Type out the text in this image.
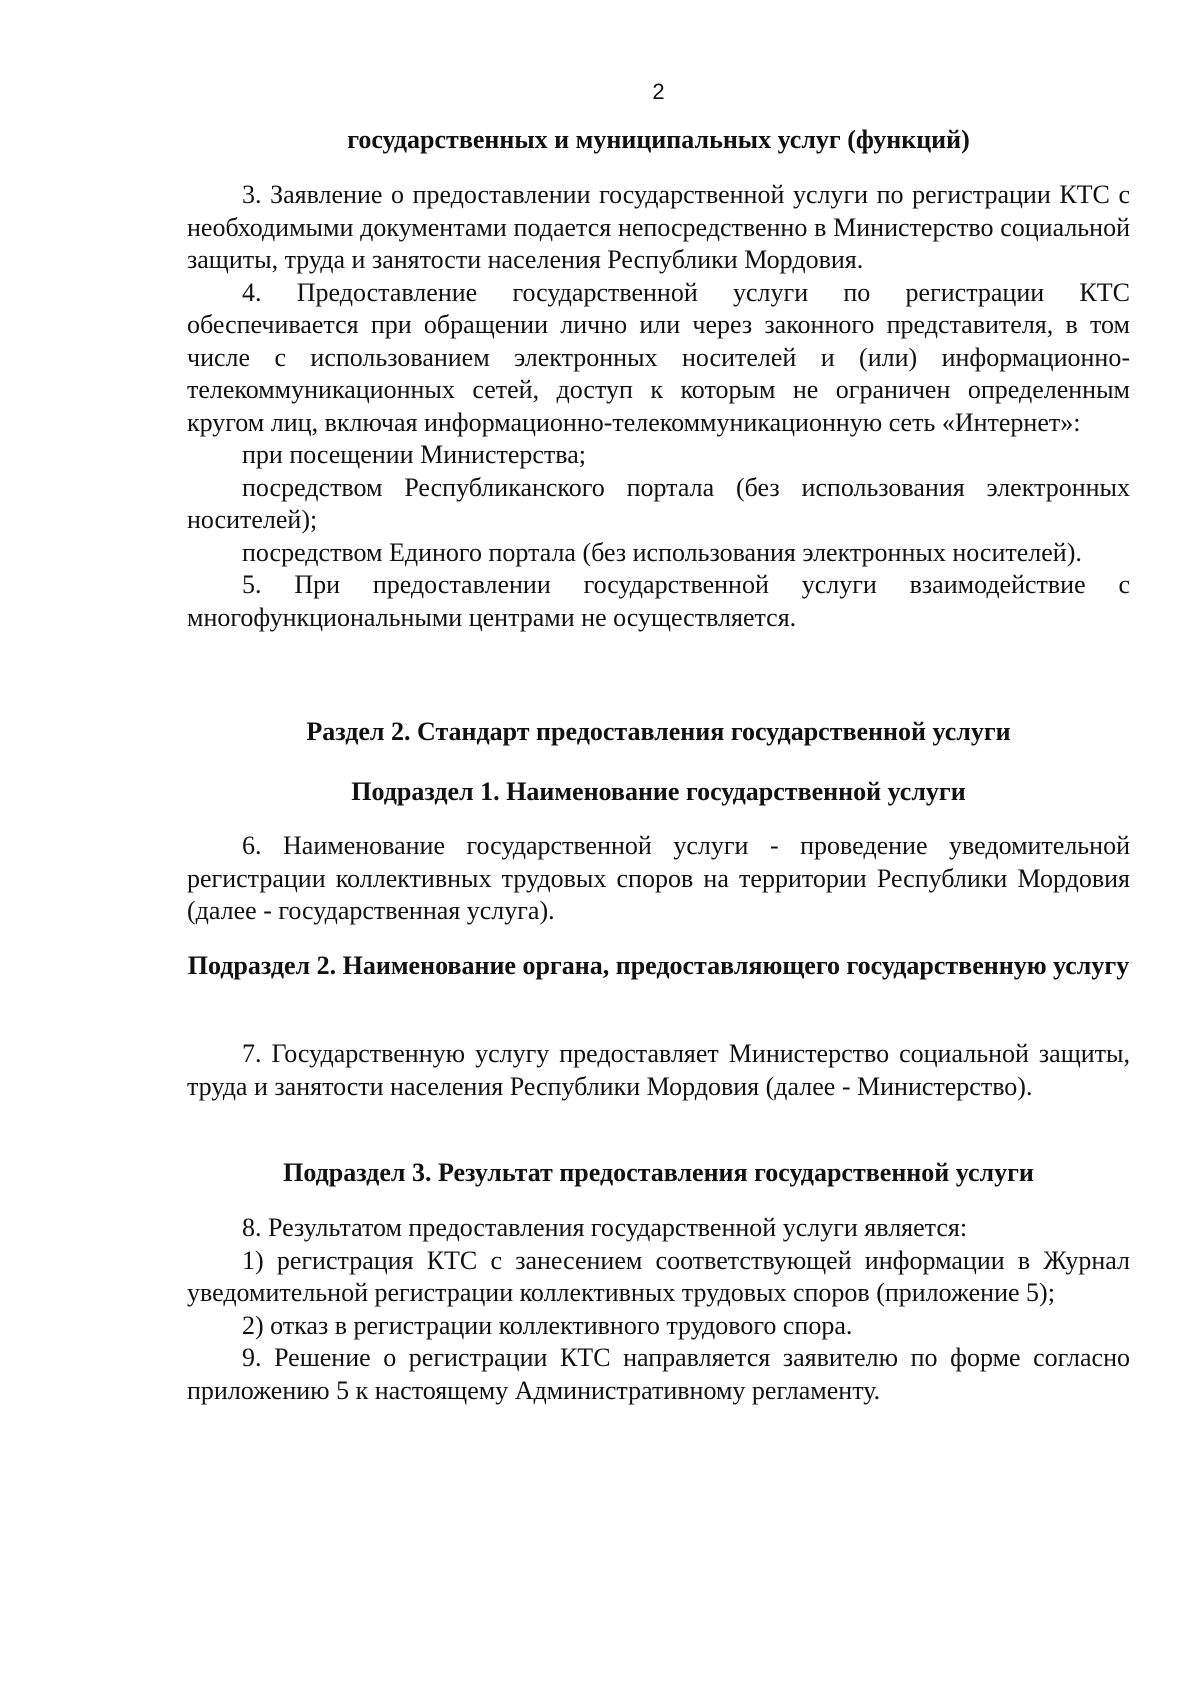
2

государственных и муниципальных услуг (функций)

3. Заявление о предоставлении государственной услуги по регистрации КТС с необходимыми документами подается непосредственно в Министерство социальной защиты, труда и занятости населения Республики Мордовия.

4. Предоставление государственной услуги по регистрации КТС обеспечивается при обращении лично или через законного представителя, в том числе с использованием электронных носителей и (или) информационно-телекоммуникационных сетей, доступ к которым не ограничен определенным кругом лиц, включая информационно-телекоммуникационную сеть «Интернет»:

при посещении Министерства;

посредством Республиканского портала (без использования электронных носителей);

посредством Единого портала (без использования электронных носителей).

5. При предоставлении государственной услуги взаимодействие с многофункциональными центрами не осуществляется.

Раздел 2. Стандарт предоставления государственной услуги

Подраздел 1. Наименование государственной услуги

6. Наименование государственной услуги - проведение уведомительной регистрации коллективных трудовых споров на территории Республики Мордовия (далее - государственная услуга).

Подраздел 2. Наименование органа, предоставляющего государственную услугу

7. Государственную услугу предоставляет Министерство социальной защиты, труда и занятости населения Республики Мордовия (далее - Министерство).

Подраздел 3. Результат предоставления государственной услуги

8. Результатом предоставления государственной услуги является:

1) регистрация КТС с занесением соответствующей информации в Журнал уведомительной регистрации коллективных трудовых споров (приложение 5);

2) отказ в регистрации коллективного трудового спора.

9. Решение о регистрации КТС направляется заявителю по форме согласно приложению 5 к настоящему Административному регламенту.
